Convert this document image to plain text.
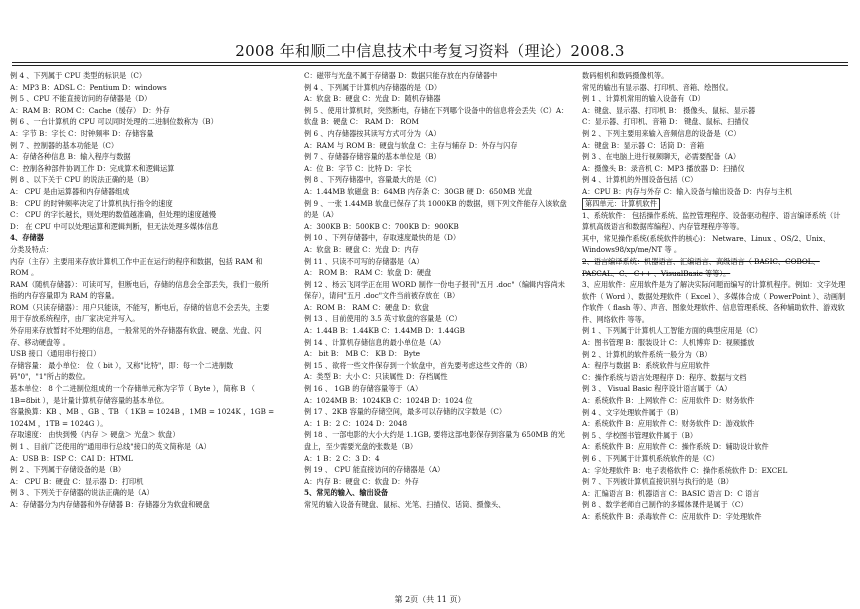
2008 年和顺二中信息技术中考复习资料（理论）2008.3

例 4 、下列属于 CPU 类型的标识是（C）

A：MP3 B：ADSL C：Pentium D：windows

例 5 、CPU 不能直接访问的存储器是（D）

A：RAM B：ROM C：Cache（缓存） D：外存

例 6 、一台计算机的 CPU 可以同时处理的二进制位数称为（B）

A：字节 B：字长 C：时钟频率 D：存储容量

例 7 、控制器的基本功能是（C）

A：存储各种信息 B：输入程序与数据

C：控制各种部件协调工作 D：完成算术和逻辑运算

例 8 、以下关于 CPU 的说法正确的是（B）

A： CPU 是由运算器和内存储器组成

B： CPU 的时钟频率决定了计算机执行指令的速度

C： CPU 的字长越长，则处理的数值越准确，但处理的速度越慢

D： 在 CPU 中可以处理运算和逻辑判断，但无法处理多媒体信息

4、存储器

分类及特点：

内存（主存）主要用来存放计算机工作中正在运行的程序和数据，包括 RAM 和 ROM 。

RAM（随机存储器）：可读可写，但断电后，存储的信息会全部丢失，我们一般所指的内存容量即为 RAM 的容量。

ROM（只读存储器）：用户只能读，不能写，断电后，存储的信息不会丢失，主要用于存放系统程序，由厂家决定并写入。

外存用来存放暂时不处理的信息，一般常见的外存储器有软盘、硬盘、光盘、闪存、移动硬盘等 。

USB 接口（通用串行接口）

存储容量： 最小单位： 位（ bit ），又称"比特"，即：每一个二进制数码"0"，"1"所占的数位。

基本单位： 8 个二进制位组成的一个存储单元称为字节（ Byte ），简称 B （ 1B=8bit ），是计量计算机存储容量的基本单位。

容量换算：KB 、MB 、GB 、TB （ 1KB = 1024B ，1MB = 1024K ，1GB = 1024M ，1TB = 1024G ）。

存取速度： 由快到慢（内存 ＞ 硬盘＞ 光盘＞ 软盘）

例 1 、目前广泛使用的"通用串行总线"接口的英文简称是（A）

A：USB B：ISP C：CAI D：HTML

例 2 、下列属于存储设备的是（B）

A： CPU B：硬盘 C：显示器 D：打印机

例 3 、下列关于存储器的说法正确的是（A）

A：存储器分为内存储器和外存储器 B：存储器分为软盘和硬盘

C：磁带与光盘不属于存储器 D：数据只能存放在内存储器中

例 4 、下列属于计算机内存储器的是（D）

A：软盘 B：硬盘 C：光盘 D：随机存储器

例 5 、使用计算机时，突然断电，存储在下列哪个设备中的信息将会丢失（C）A：软盘 B：硬盘 C： RAM D： ROM

例 6 、内存储器按其读写方式可分为（A）

A：RAM 与 ROM B：硬盘与软盘 C：主存与辅存 D：外存与闪存

例 7 、存储器存储容量的基本单位是（B）

A：位 B：字节 C：比特 D：字长

例 8 、下列存储器中，容量最大的是（C）

A：1.44MB 软磁盘 B：64MB 内存条 C：30GB 硬 D：650MB 光盘

例 9 、一张 1.44MB 软盘已保存了共 1000KB 的数据，则下列文件能存入该软盘的是（A）

A：300KB B：500KB C：700KB D：900KB

例 10 、下列存储器中，存取速度最快的是（D）

A：软盘 B：硬盘 C：光盘 D：内存

例 11 、只读不可写的存储器是（A）

A： ROM B： RAM C：软盘 D：硬盘

例 12 、杨云飞同学正在用 WORD 制作一份电子报刊"五月 .doc"（编辑内容尚未保存），请问"五月 .doc"文件当前被存放在（B）

A：ROM B： RAM C：硬盘 D：软盘

例 13 、目前使用的 3.5 英寸软盘的容量是（C）

A：1.44B B：1.44KB C：1.44MB D：1.44GB

例 14 、计算机存储信息的最小单位是（A）

A： bit B： MB C： KB D： Byte

例 15 、欲将一些文件保存到一个软盘中，首先要考虑这些文件的（B）

A：类型 B：大小 C：只读属性 D：存档属性

例 16 、 1GB 的存储容量等于（A）

A：1024MB B：1024KB C：1024B D：1024 位

例 17 、2KB 容量的存储空间，最多可以存储的汉字数是（C）

A：1 B：2 C：1024 D：2048

例 18 、一部电影的大小大约是 1.1GB, 要将这部电影保存到容量为 650MB 的光盘上，至少需要光盘的张数是（B）

A：1 B：2 C：3 D：4

例 19 、 CPU 能直接访问的存储器是（A）

A：内存 B：硬盘 C：软盘 D：外存

5、常见的输入、输出设备

常见的输入设备有键盘、鼠标、光笔、扫描仪、话筒、摄像头、

数码相机和数码摄像机等。

常见的输出有显示器、打印机、音箱、绘图仪。

例 1 、计算机常用的输入设备有（D）

A：键盘、显示器、打印机 B： 摄像头、鼠标、显示器

C：显示器、打印机、音箱 D： 键盘、鼠标、扫描仪

例 2 、下列主要用来输入音频信息的设备是（C）

A：键盘 B：显示器 C：话筒 D：音箱

例 3 、在电脑上进行视频聊天，必需要配备（A）

A：摄像头 B：录音机 C：MP3 播放器 D：扫描仪

例 4 、计算机的外围设备包括（C）

A：CPU B：内存与外存 C：输入设备与输出设备 D：内存与主机

第四单元：计算机软件

1、系统软件： 包括操作系统、监控管理程序、设备驱动程序、语言编译系统（计算机高级语言和数据库编程）、内存管理程序等等。

其中，常见操作系统(系统软件的核心)： Netware、Linux 、OS/2、Unix、Windows98/xp/me/NT 等 。

2、语言编译系统：机器语言、汇编语言、高级语言（ BASIC、COBOL、PASCAL、C、 C++ 、VisualBasic 等等）。

3、应用软件：应用软件是为了解决实际问题而编写的计算机程序。例如：文字处理软件（ Word ）、数据处理软件（ Excel ）、多媒体合成（ PowerPoint ）、动画制作软件（ flash 等）、声音、图象处理软件、信息管理系统、各种辅助软件、游戏软件、网络软件 等等。

例 1 、下列属于计算机人工智能方面的典型应用是（C）

A：图书管理 B：服装设计 C：人机博弈 D：视频播放

例 2 、计算机的软件系统一般分为（B）

A：程序与数据 B：系统软件与应用软件

C：操作系统与语言处理程序 D：程序、数据与文档

例 3 、 Visual Basic 程序设计语言属于（A）

A：系统软件 B：上网软件 C：应用软件 D：财务软件

例 4 、文字处理软件属于（B）

A：系统软件 B：应用软件 C：财务软件 D：游戏软件

例 5 、学校图书管理软件属于（B）

A：系统软件 B：应用软件 C：操作系统 D：辅助设计软件

例 6 、下列属于计算机系统软件的是（C）

A：字处理软件 B：电子表格软件 C：操作系统软件 D：EXCEL

例 7 、下列被计算机直接识别与执行的是（B）

A：汇编语言 B：机器语言 C：BASIC 语言 D：C 语言

例 8 、数学老师自己制作的多媒体课件是属于（C）

A：系统软件 B：杀毒软件 C：应用软件 D：字处理软件

第 2页（共 11 页）
